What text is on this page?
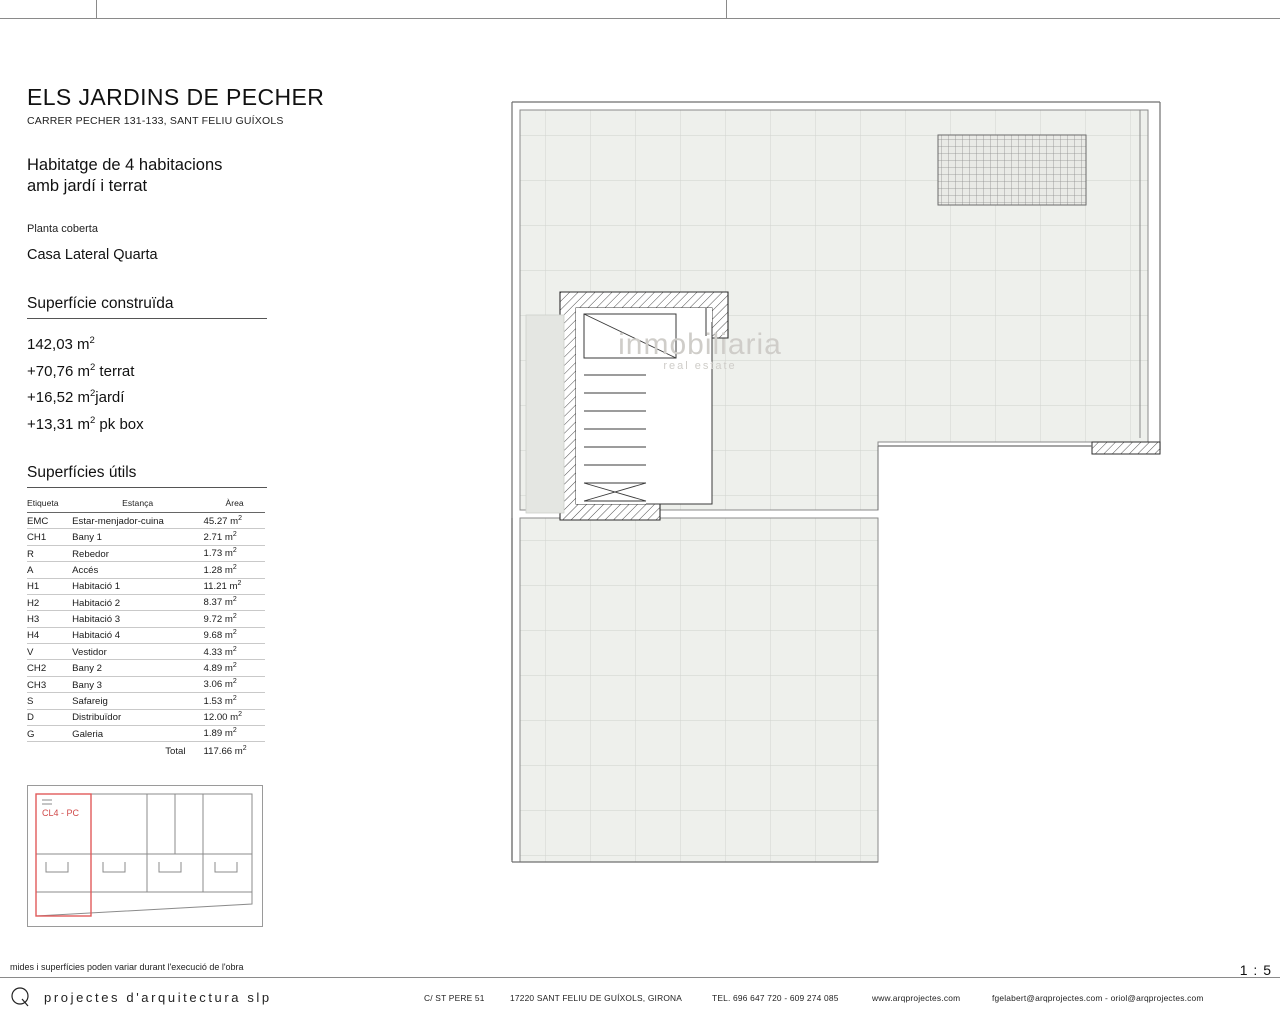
ELS JARDINS DE PECHER
CARRER PECHER 131-133, SANT FELIU GUÍXOLS
Habitatge de 4 habitacions
amb jardí i terrat
Planta coberta
Casa Lateral Quarta
Superfície construïda
142,03 $m^2$
+70,76 $m^2$ terrat
+16,52 $m^2jardí$
+13,31 $m^2$ pk box
Superfícies útils
Etiqueta	Estança	Àrea
EMC	Estar-menjador-cuina	45.27 $m^2$
CH1	Bany 1	2.71 $m^2$
R	Rebedor	1.73 $m^2$
A	Accés	1.28 $m^2$
H1	Habitació 1	11.21 $m^2$
H2	Habitació 2	8.37 $m^2$
H3	Habitació 3	9.72 $m^2$
H4	Habitació 4	9.68 $m^2$
V	Vestidor	4.33 $m^2$
CH2	Bany 2	4.89 $m^2$
CH3	Bany 3	3.06 $m^2$
S	Safareig	1.53 $m^2$
D	Distribuïdor	12.00 $m^2$
G	Galeria	1.89 $m^2$
	Total	117.66 $m^2$
CL4 - PC
inmobiliaria
real estate
mides i superfícies poden variar durant l'execució de l'obra	1 : 5
projectes d'arquitectura slp	C/ ST PERE 51	17220 SANT FELIU DE GUÍXOLS, GIRONA	TEL. 696 647 720 - 609 274 085	www.arqprojectes.com	fgelabert@arqprojectes.com - oriol@arqprojectes.com
